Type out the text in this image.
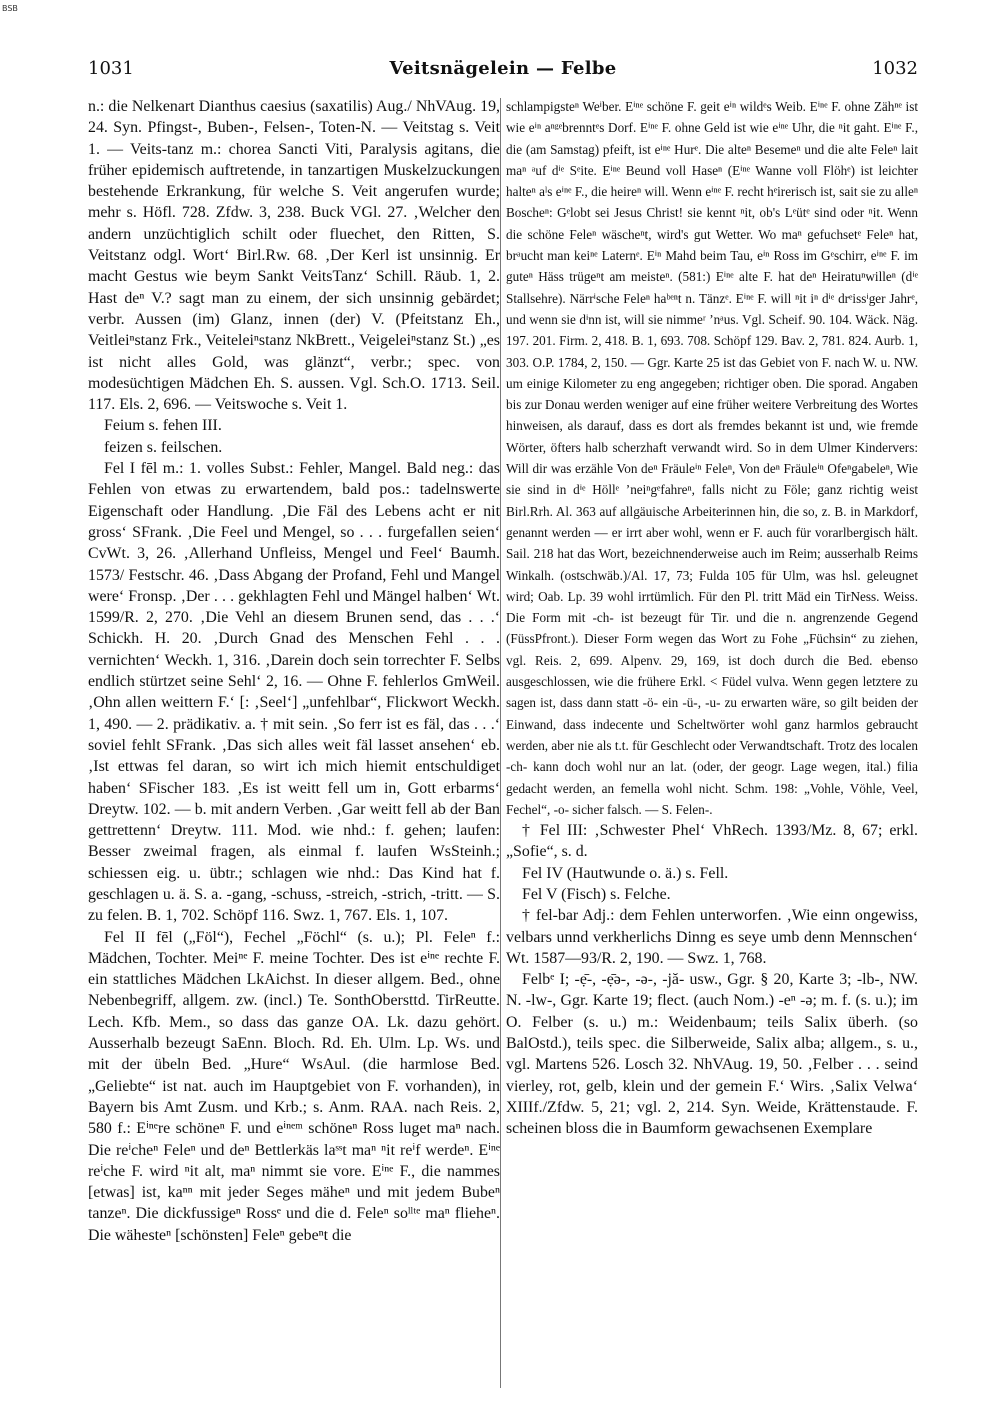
BSB
1031	Veitsnägelein — Felbe	1032

n.: die Nelkenart Dianthus caesius (saxatilis) Aug./ NhVAug. 19, 24. Syn. Pfingst-, Buben-, Felsen-, Toten-N. — Veitstag s. Veit 1. — Veits-tanz m.: chorea Sancti Viti, Paralysis agitans, die früher epidemisch auftretende, in tanzartigen Muskelzuckungen bestehende Erkrankung, für welche S. Veit angerufen wurde; mehr s. Höfl. 728. Zfdw. 3, 238. Buck VGl. 27. ‚Welcher den andern unzüchtiglich schilt oder fluechet, den Ritten, S. Veitstanz odgl. Wort‘ Birl.Rw. 68. ‚Der Kerl ist unsinnig. Er macht Gestus wie beym Sankt VeitsTanz‘ Schill. Räub. 1, 2. Hast deⁿ V.? sagt man zu einem, der sich unsinnig gebärdet; verbr. Aussen (im) Glanz, innen (der) V. (Pfeitstanz Eh., Veitleiⁿstanz Frk., Veiteleiⁿstanz NkBrett., Veigeleiⁿstanz St.) „es ist nicht alles Gold, was glänzt“, verbr.; spec. von modesüchtigen Mädchen Eh. S. aussen. Vgl. Sch.O. 1713. Seil. 117. Els. 2, 696. — Veitswoche s. Veit 1.

Feium s. fehen III.

feizen s. feilschen.

Fel I fēl m.: 1. volles Subst.: Fehler, Mangel. Bald neg.: das Fehlen von etwas zu erwartendem, bald pos.: tadelnswerte Eigenschaft oder Handlung. ‚Die Fäl des Lebens acht er nit gross‘ SFrank. ‚Die Feel und Mengel, so . . . furgefallen seien‘ CvWt. 3, 26. ‚Allerhand Unfleiss, Mengel und Feel‘ Baumh. 1573/ Festschr. 46. ‚Dass Abgang der Profand, Fehl und Mangel were‘ Fronsp. ‚Der . . . gekhlagten Fehl und Mängel halben‘ Wt. 1599/R. 2, 270. ‚Die Vehl an diesem Brunen send, das . . .‘ Schickh. H. 20. ‚Durch Gnad des Menschen Fehl . . . vernichten‘ Weckh. 1, 316. ‚Darein doch sein torrechter F. Selbs endlich stürtzet seine Sehl‘ 2, 16. — Ohne F. fehlerlos GmWeil. ‚Ohn allen weittern F.‘ [: ‚Seel‘] „unfehlbar“, Flickwort Weckh. 1, 490. — 2. prädikativ. a. † mit sein. ‚So ferr ist es fäl, das . . .‘ soviel fehlt SFrank. ‚Das sich alles weit fäl lasset ansehen‘ eb. ‚Ist ettwas fel daran, so wirt ich mich hiemit entschuldiget haben‘ SFischer 183. ‚Es ist weitt fell um in, Gott erbarms‘ Dreytw. 102. — b. mit andern Verben. ‚Gar weitt fell ab der Ban gettrettenn‘ Dreytw. 111. Mod. wie nhd.: f. gehen; laufen: Besser zweimal fragen, als einmal f. laufen WsSteinh.; schiessen eig. u. übtr.; schlagen wie nhd.: Das Kind hat f. geschlagen u. ä. S. a. -gang, -schuss, -streich, -strich, -tritt. — S. zu felen. B. 1, 702. Schöpf 116. Swz. 1, 767. Els. 1, 107.

Fel II fēl („Föl“), Fechel „Föchl“ (s. u.); Pl. Feleⁿ f.: Mädchen, Tochter. Meiⁿᵉ F. meine Tochter. Des ist eⁱⁿᵉ rechte F. ein stattliches Mädchen LkAichst. In dieser allgem. Bed., ohne Nebenbegriff, allgem. zw. (incl.) Te. SonthObersttd. TirReutte. Lech. Kfb. Mem., so dass das ganze OA. Lk. dazu gehört. Ausserhalb bezeugt SaEnn. Bloch. Rd. Eh. Ulm. Lp. Ws. und mit der übeln Bed. „Hure“ WsAul. (die harmlose Bed. „Geliebte“ ist nat. auch im Hauptgebiet von F. vorhanden), in Bayern bis Amt Zusm. und Krb.; s. Anm. RAA. nach Reis. 2, 580 f.: Eⁱⁿᵉre schöneⁿ F. und eⁱⁿᵉᵐ schöneⁿ Ross luget maⁿ nach. Die reⁱcheⁿ Feleⁿ und deⁿ Bettlerkäs laˢˢt maⁿ ⁿit reⁱf werdeⁿ. Eⁱⁿᵉ reⁱche F. wird ⁿit alt, maⁿ nimmt sie vore. Eⁱⁿᵉ F., die nammes [etwas] ist, kaⁿⁿ mit jeder Seges mäheⁿ und mit jedem Bubeⁿ tanzeⁿ. Die dickfussigeⁿ Rossᵉ und die d. Feleⁿ soˡˡᵗᵉ maⁿ flieheⁿ. Die wähesteⁿ [schönsten] Feleⁿ gebeⁿt die

schlampigsteⁿ Weⁱber. Eⁱⁿᵉ schöne F. geit eⁱⁿ wildᵉs Weib. Eⁱⁿᵉ F. ohne Zähⁿᵉ ist wie eⁱⁿ aⁿᵍᵉbrenntᵉs Dorf. Eⁱⁿᵉ F. ohne Geld ist wie eⁱⁿᵉ Uhr, die ⁿit gaht. Eⁱⁿᵉ F., die (am Samstag) pfeift, ist eⁱⁿᵉ Hurᵉ. Die alteⁿ Besemeⁿ und die alte Feleⁿ lait maⁿ ᵃuf dⁱᵉ Sᵉite. Eⁱⁿᵉ Beund voll Haseⁿ (Eⁱⁿᵉ Wanne voll Flöhᵉ) ist leichter halteⁿ aˡs eⁱⁿᵉ F., die heireⁿ will. Wenn eⁱⁿᵉ F. recht hᵉirerisch ist, sait sie zu alleⁿ Boscheⁿ: Gᵉlobt sei Jesus Christ! sie kennt ⁿit, ob's Lᵉütᵉ sind oder ⁿit. Wenn die schöne Feleⁿ wäscheⁿt, wird's gut Wetter. Wo maⁿ gefuchsetᵉ Feleⁿ hat, brᵃucht man keiⁿᵉ Laternᵉ. Eⁱⁿ Mahd beim Tau, eⁱⁿ Ross im Gᵉschirr, eⁱⁿᵉ F. im guteⁿ Häss trügeⁿt am meisteⁿ. (581:) Eⁱⁿᵉ alte F. hat deⁿ Heiratuⁿwilleⁿ (dⁱᵉ Stallsehre). Närrⁱsche Feleⁿ haᵇᵉⁿt n. Tänzᵉ. Eⁱⁿᵉ F. will ⁿit iⁿ dⁱᵉ drᵉissⁱger Jahrᵉ, und wenn sie dⁱnn ist, will sie nimmeʳ ’nᵃus. Vgl. Scheif. 90. 104. Wäck. Näg. 197. 201. Firm. 2, 418. B. 1, 693. 708. Schöpf 129. Bav. 2, 781. 824. Aurb. 1, 303. O.P. 1784, 2, 150. — Ggr. Karte 25 ist das Gebiet von F. nach W. u. NW. um einige Kilometer zu eng angegeben; richtiger oben. Die sporad. Angaben bis zur Donau werden weniger auf eine früher weitere Verbreitung des Wortes hinweisen, als darauf, dass es dort als fremdes bekannt ist und, wie fremde Wörter, öfters halb scherzhaft verwandt wird. So in dem Ulmer Kindervers: Will dir was erzähle Von deⁿ Fräuleⁱⁿ Feleⁿ, Von deⁿ Fräuleⁱⁿ Ofeⁿgabeleⁿ, Wie sie sind in dⁱᵉ Höllᵉ ’neiⁿgᵉfahreⁿ, falls nicht zu Föle; ganz richtig weist Birl.Rrh. Al. 363 auf allgäuische Arbeiterinnen hin, die so, z. B. in Markdorf, genannt werden — er irrt aber wohl, wenn er F. auch für vorarlbergisch hält. Sail. 218 hat das Wort, bezeichnenderweise auch im Reim; ausserhalb Reims Winkalh. (ostschwäb.)/Al. 17, 73; Fulda 105 für Ulm, was hsl. geleugnet wird; Oab. Lp. 39 wohl irrtümlich. Für den Pl. tritt Mäd ein TirNess. Weiss. Die Form mit -ch- ist bezeugt für Tir. und die n. angrenzende Gegend (FüssPfront.). Dieser Form wegen das Wort zu Fohe „Füchsin“ zu ziehen, vgl. Reis. 2, 699. Alpenv. 29, 169, ist doch durch die Bed. ebenso ausgeschlossen, wie die frühere Erkl. < Füdel vulva. Wenn gegen letztere zu sagen ist, dass dann statt -ö- ein -ü-, -u- zu erwarten wäre, so gilt beiden der Einwand, dass indecente und Scheltwörter wohl ganz harmlos gebraucht werden, aber nie als t.t. für Geschlecht oder Verwandtschaft. Trotz des localen -ch- kann doch wohl nur an lat. (oder, der geogr. Lage wegen, ital.) filia gedacht werden, an femella wohl nicht. Schm. 198: „Vohle, Vöhle, Veel, Fechel“, -o- sicher falsch. — S. Felen-.

† Fel III: ‚Schwester Phel‘ VhRech. 1393/Mz. 8, 67; erkl. „Sofie“, s. d.

Fel IV (Hautwunde o. ä.) s. Fell.

Fel V (Fisch) s. Felche.

† fel-bar Adj.: dem Fehlen unterworfen. ‚Wie einn ongewiss, velbars unnd verkherlichs Dinng es seye umb denn Mennschen‘ Wt. 1587—93/R. 2, 190. — Swz. 1, 768.

Felbᵉ I; -ẹ̄-, -ẹ̄ə-, -ə-, -jă- usw., Ggr. § 20, Karte 3; -lb-, NW. N. -lw-, Ggr. Karte 19; flect. (auch Nom.) -eⁿ -ə; m. f. (s. u.); im O. Felber (s. u.) m.: Weidenbaum; teils Salix überh. (so BalOstd.), teils spec. die Silberweide, Salix alba; allgem., s. u., vgl. Martens 526. Losch 32. NhVAug. 19, 50. ‚Felber . . . seind vierley, rot, gelb, klein und der gemein F.‘ Wirs. ‚Salix Velwa‘ XIIIf./Zfdw. 5, 21; vgl. 2, 214. Syn. Weide, Krättenstaude. F. scheinen bloss die in Baumform gewachsenen Exemplare
